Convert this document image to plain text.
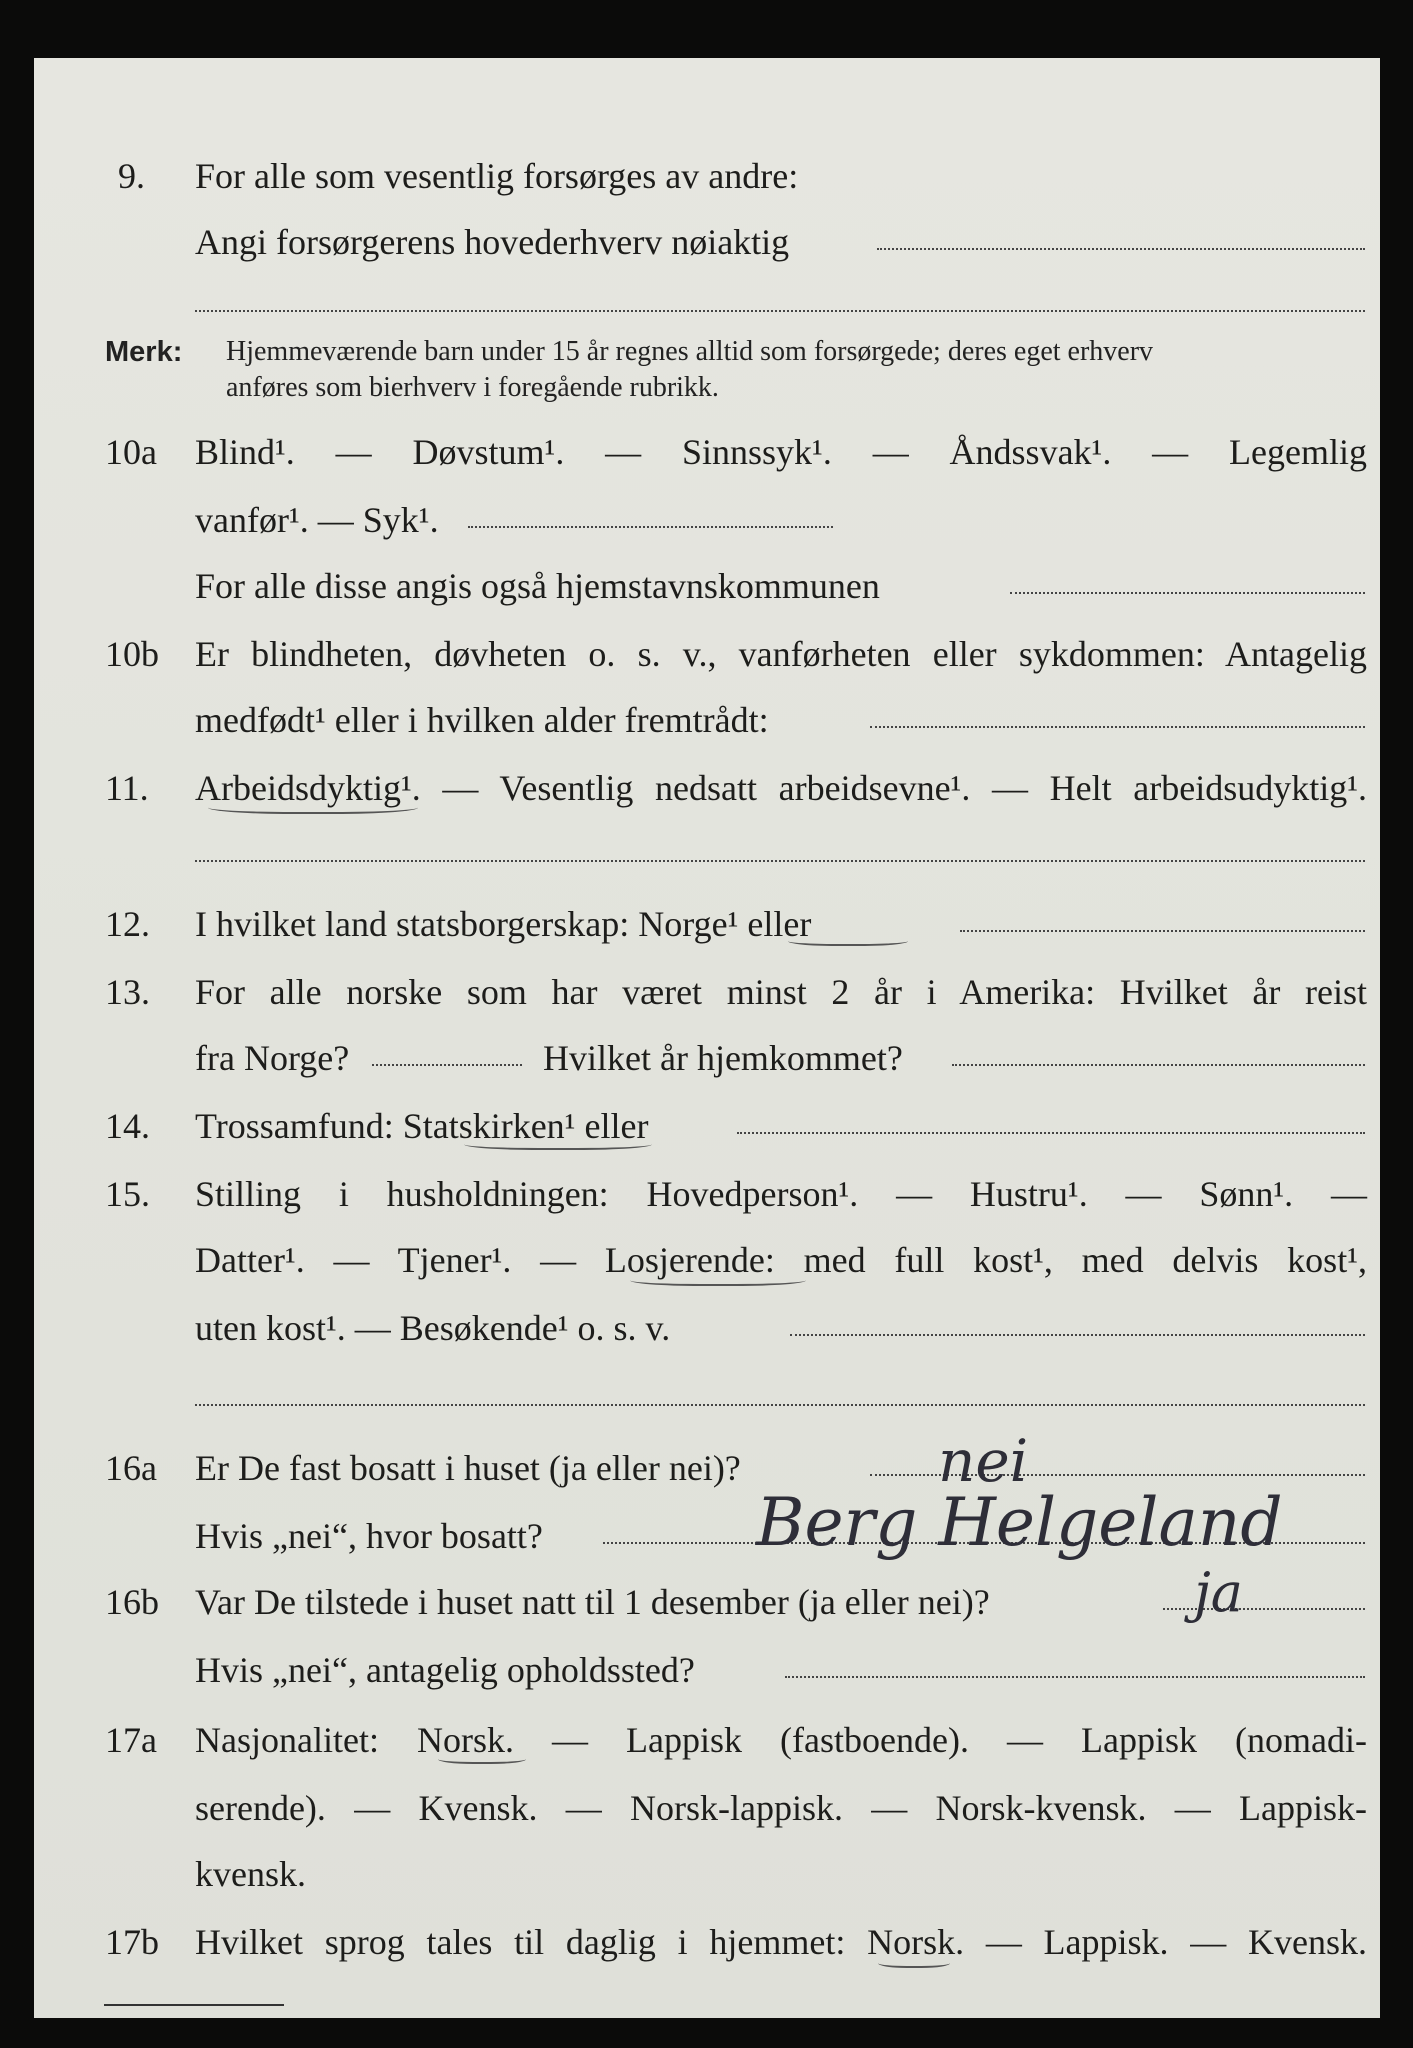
9. For alle som vesentlig forsørges av andre:
Angi forsørgerens hovederhverv nøiaktig
Merk: Hjemmeværende barn under 15 år regnes alltid som forsørgede; deres eget erhverv
anføres som bierhverv i foregående rubrikk.
10a Blind¹. — Døvstum¹. — Sinnssyk¹. — Åndssvak¹. — Legemlig
vanfør¹. — Syk¹.
For alle disse angis også hjemstavnskommunen
10b Er blindheten, døvheten o. s. v., vanførheten eller sykdommen: Antagelig
medfødt¹ eller i hvilken alder fremtrådt:
11. Arbeidsdyktig¹. — Vesentlig nedsatt arbeidsevne¹. — Helt arbeidsudyktig¹.
12. I hvilket land statsborgerskap: Norge¹ eller
13. For alle norske som har været minst 2 år i Amerika: Hvilket år reist
fra Norge?	Hvilket år hjemkommet?
14. Trossamfund: Statskirken¹ eller
15. Stilling i husholdningen: Hovedperson¹. — Hustru¹. — Sønn¹. —
Datter¹. — Tjener¹. — Losjerende: med full kost¹, med delvis kost¹,
uten kost¹. — Besøkende¹ o. s. v.
16a Er De fast bosatt i huset (ja eller nei)?	nei
Hvis „nei“, hvor bosatt?	Berg Helgeland
16b Var De tilstede i huset natt til 1 desember (ja eller nei)?	ja
Hvis „nei“, antagelig opholdssted?
17a Nasjonalitet: Norsk. — Lappisk (fastboende). — Lappisk (nomadi-
serende). — Kvensk. — Norsk-lappisk. — Norsk-kvensk. — Lappisk-
kvensk.
17b Hvilket sprog tales til daglig i hjemmet: Norsk. — Lappisk. — Kvensk.
